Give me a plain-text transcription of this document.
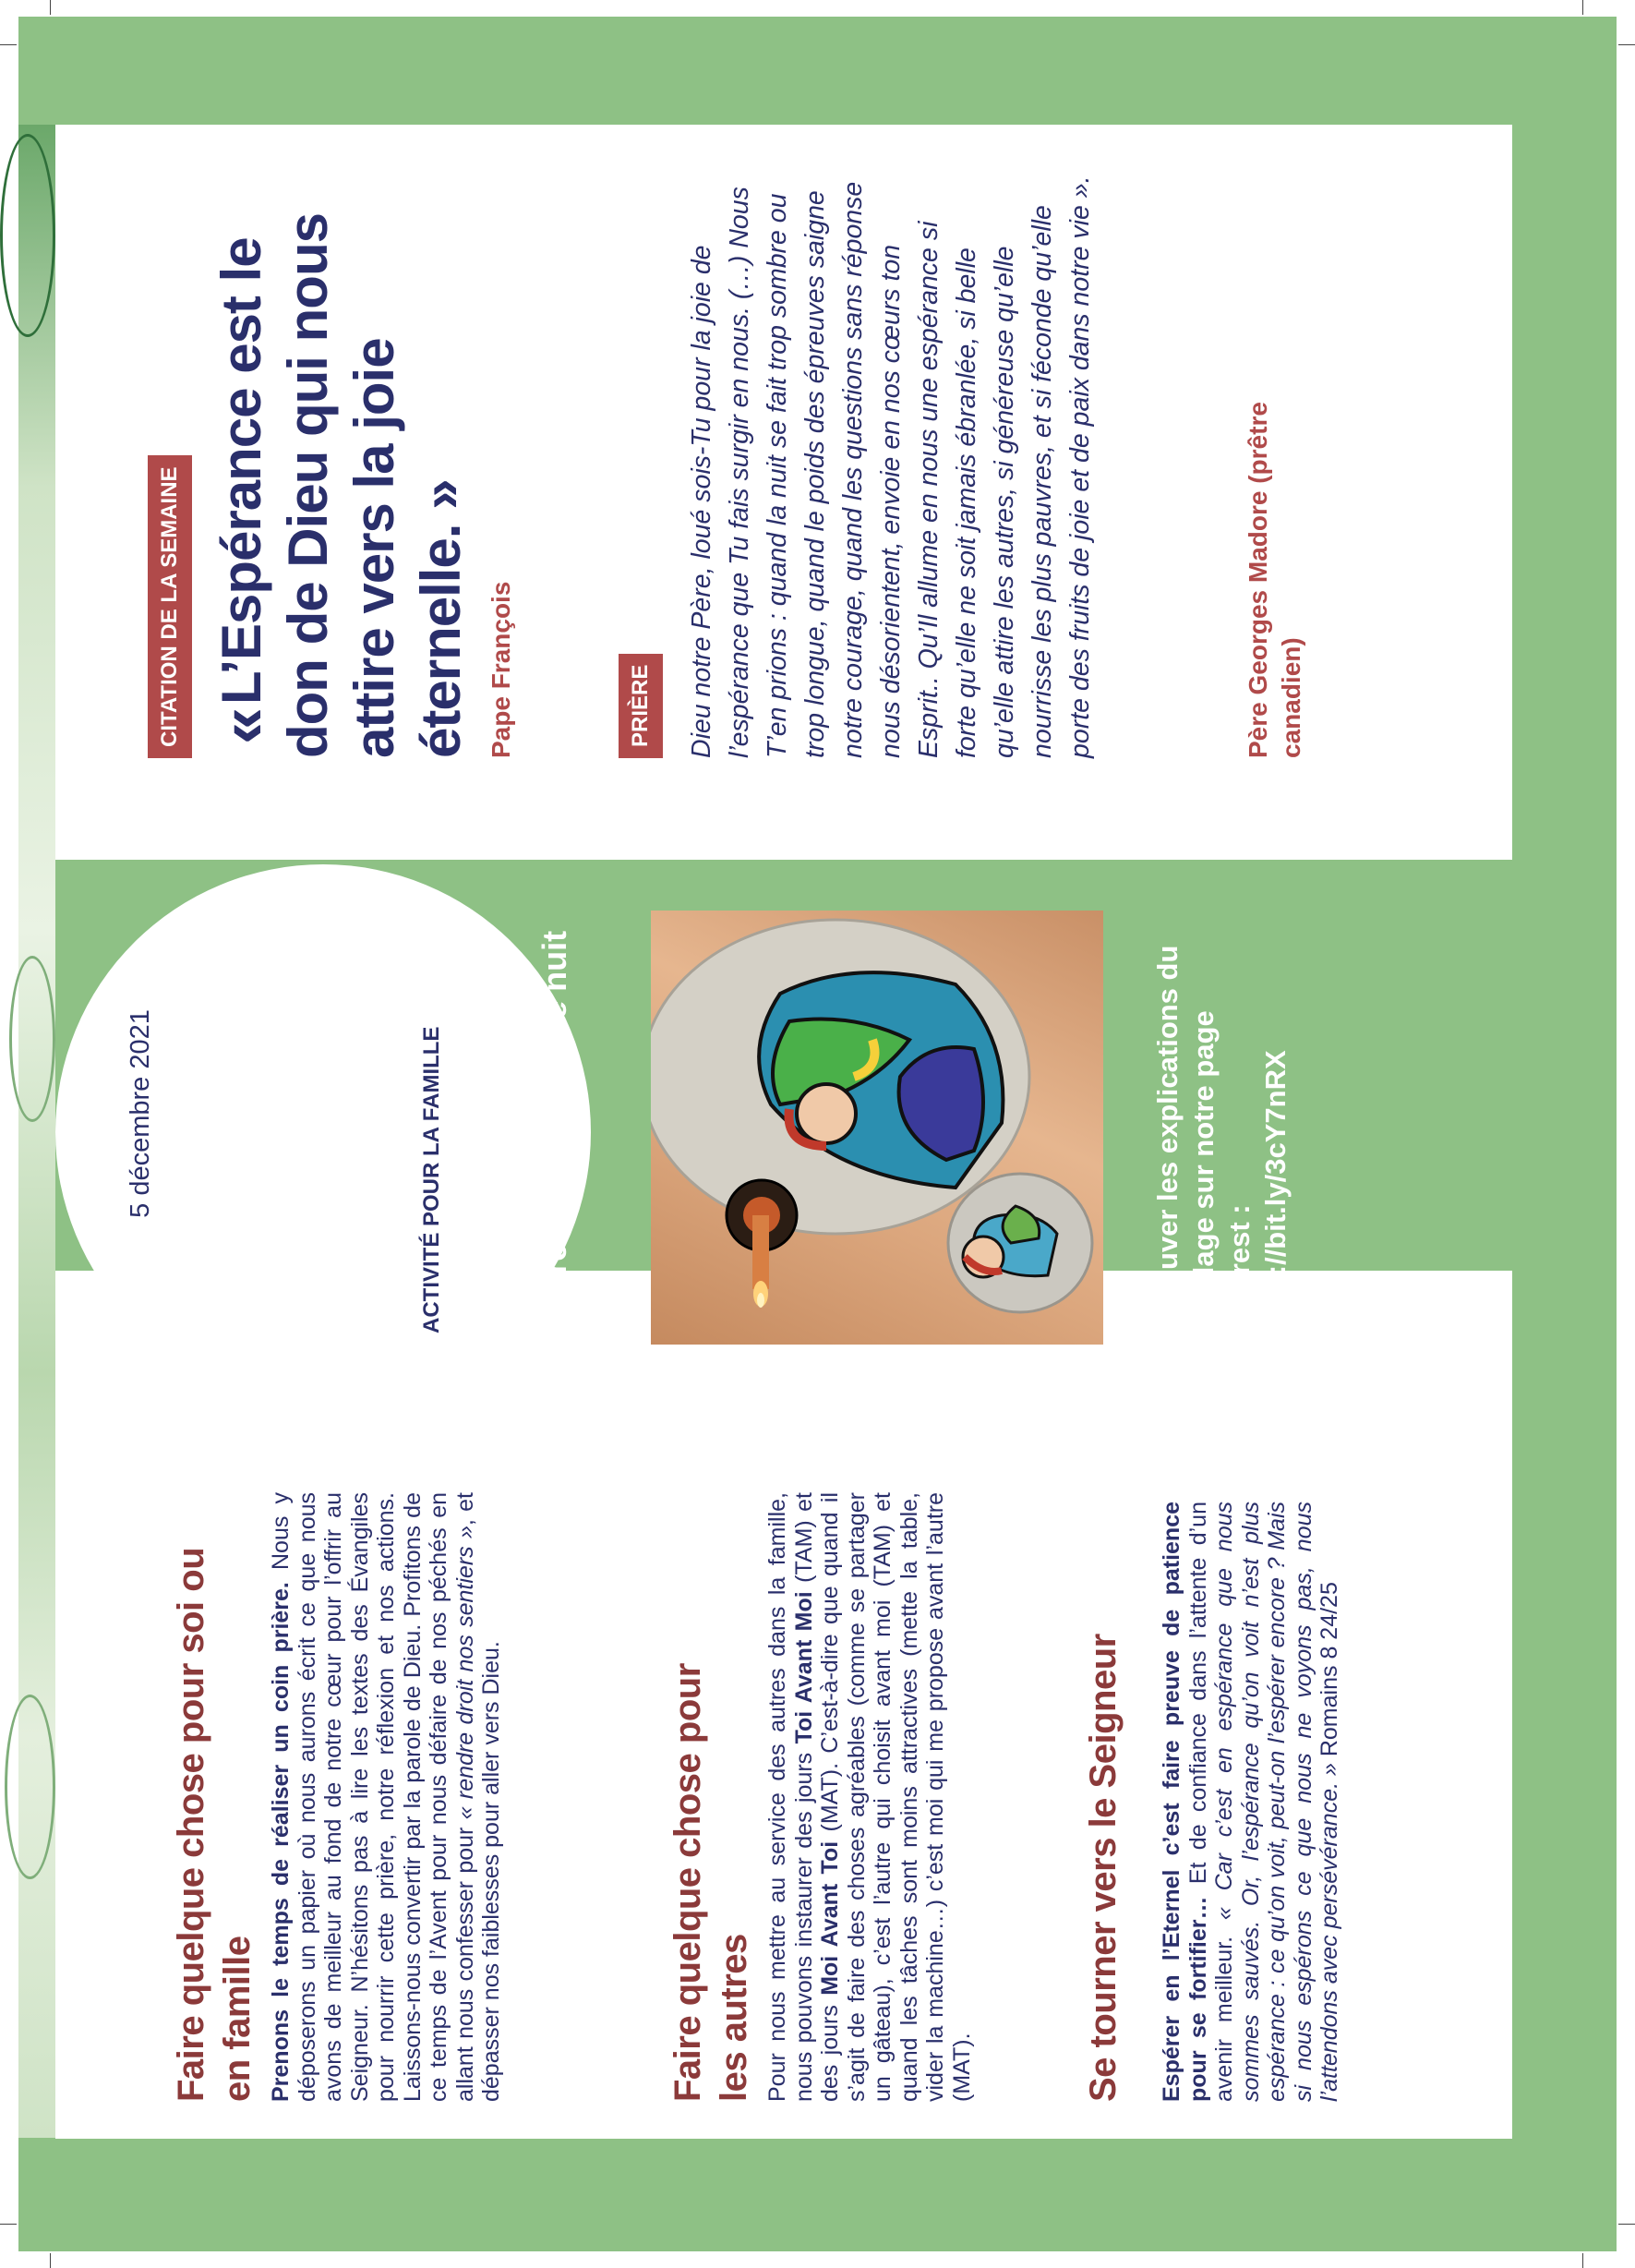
5 décembre 2021
Faire quelque chose pour soi ou en famille Prenons le temps de réaliser un coin prière. Nous y déposerons un papier où nous aurons écrit ce que nous avons de meilleur au fond de notre cœur pour l’offrir au Seigneur. N’hésitons pas à lire les textes des Évangiles pour nourrir cette prière, notre réflexion et nos actions. Laissons-nous convertir par la parole de Dieu. Profitons de ce temps de l’Avent pour nous défaire de nos péchés en allant nous confesser pour « rendre droit nos sentiers », et dépasser nos faiblesses pour aller vers Dieu.	Faire quelque chose pour les autres Pour nous mettre au service des autres dans la famille, nous pouvons instaurer des jours Toi Avant Moi (TAM) et des jours Moi Avant Toi (MAT). C’est-à-dire que quand il s’agit de faire des choses agréables (comme se partager un gâteau), c’est l’autre qui choisit avant moi (TAM) et quand les tâches sont moins attractives (mette la table, vider la machine…) c’est moi qui me propose avant l’autre (MAT).	Se tourner vers le Seigneur Espérer en l’Eternel c’est faire preuve de patience pour se fortifier… Et de confiance dans l’attente d’un avenir meilleur. « Car c’est en espérance que nous sommes sauvés. Or, l’espérance qu’on voit n’est plus espérance : ce qu’on voit, peut-on l’espérer encore ? Mais si nous espérons ce que nous ne voyons pas, nous l’attendons avec persévérance. » Romains 8 24/25
ACTIVITÉ POUR LA FAMILLE	Des petites crèches à mettre sur sa table de nuit	Retrouver les explications du bricolage sur notre page Pinterest : https://bit.ly/3cY7nRX
CITATION DE LA SEMAINE «
L’Espérance est le don de Dieu qui nous attire vers la joie éternelle. » Pape François	PRIÈRE	Dieu notre Père, loué sois-Tu pour la joie de l’espérance que Tu fais surgir en nous. (…) Nous T’en prions : quand la nuit se fait trop sombre ou trop longue, quand le poids des épreuves saigne notre courage, quand les questions sans réponse nous désorientent, envoie en nos cœurs ton Esprit.. Qu’Il allume en nous une espérance si forte qu’elle ne soit jamais ébranlée, si belle qu’elle attire les autres, si généreuse qu’elle nourrisse les plus pauvres, et si féconde qu’elle porte des fruits de joie et de paix dans notre vie ».	Père Georges Madore (prêtre canadien)
